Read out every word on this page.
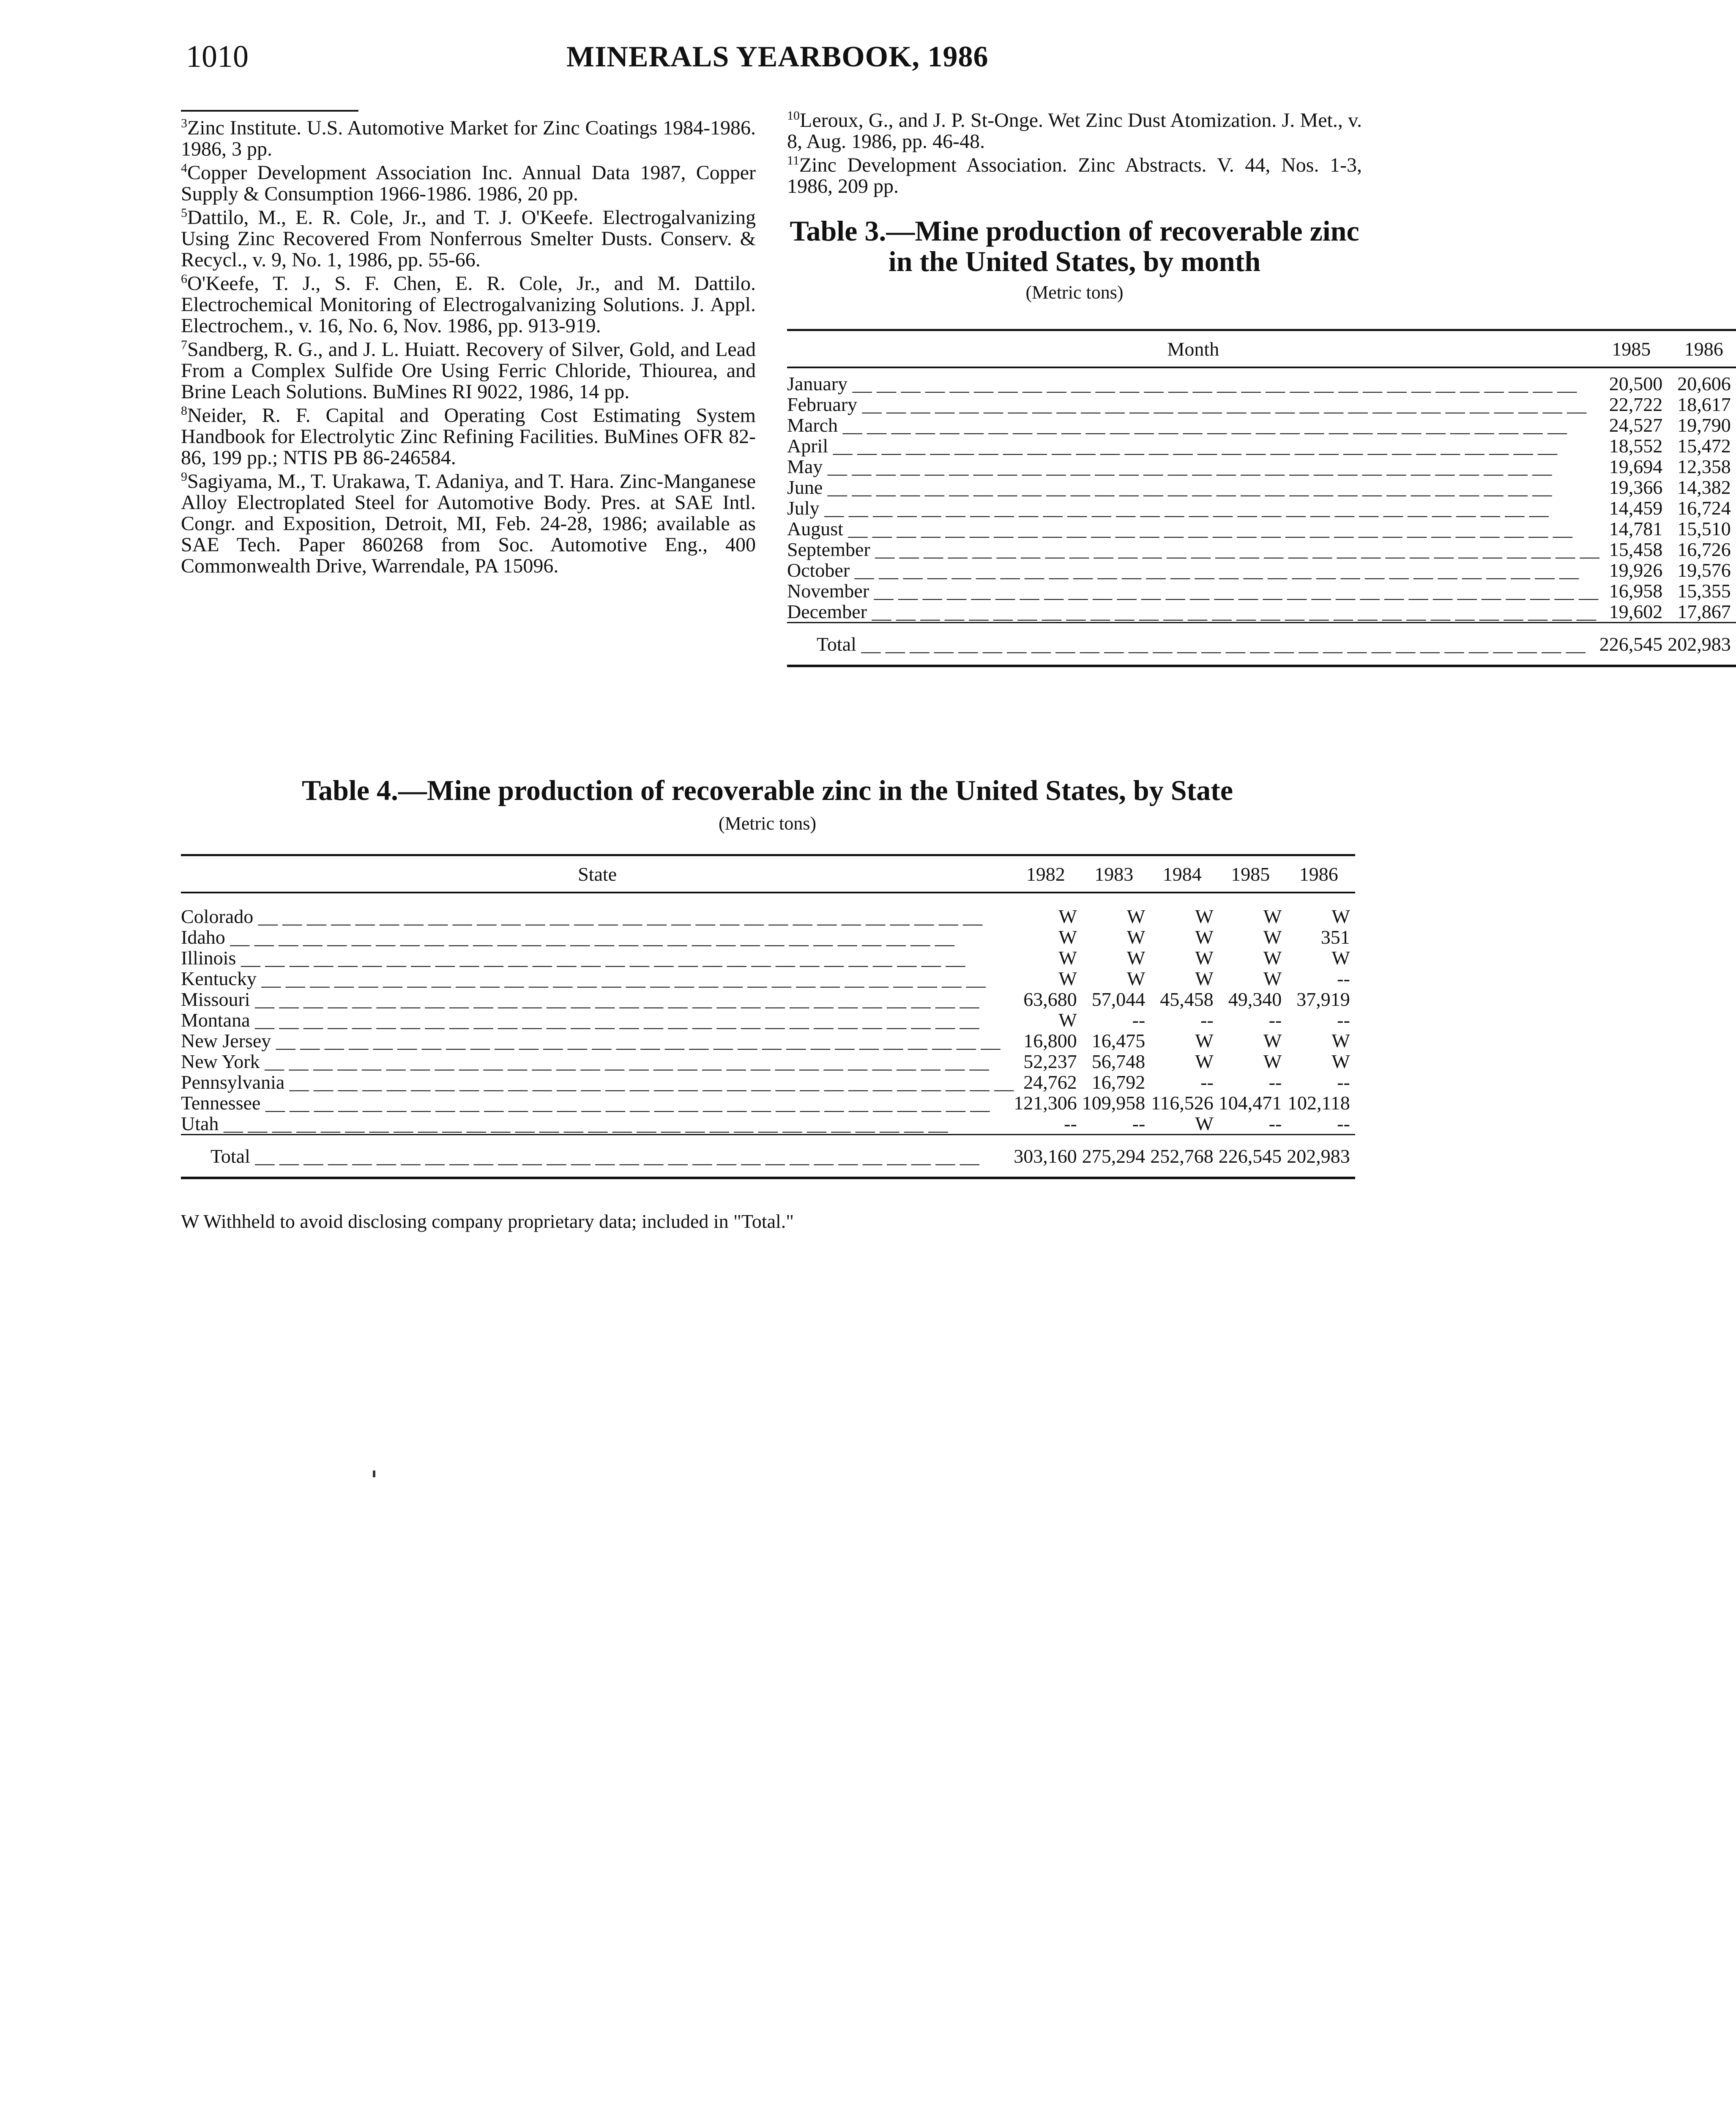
1010	MINERALS YEARBOOK, 1986

$^3$Zinc Institute. U.S. Automotive Market for Zinc Coatings 1984-1986. 1986, 3 pp.

$^4$Copper Development Association Inc. Annual Data 1987, Copper Supply & Consumption 1966-1986. 1986, 20 pp.

$^5$Dattilo, M., E. R. Cole, Jr., and T. J. O'Keefe. Electrogalvanizing Using Zinc Recovered From Nonferrous Smelter Dusts. Conserv. & Recycl., v. 9, No. 1, 1986, pp. 55-66.

$^6$O'Keefe, T. J., S. F. Chen, E. R. Cole, Jr., and M. Dattilo. Electrochemical Monitoring of Electrogalvanizing Solutions. J. Appl. Electrochem., v. 16, No. 6, Nov. 1986, pp. 913-919.

$^7$Sandberg, R. G., and J. L. Huiatt. Recovery of Silver, Gold, and Lead From a Complex Sulfide Ore Using Ferric Chloride, Thiourea, and Brine Leach Solutions. BuMines RI 9022, 1986, 14 pp.

$^8$Neider, R. F. Capital and Operating Cost Estimating System Handbook for Electrolytic Zinc Refining Facilities. BuMines OFR 82-86, 199 pp.; NTIS PB 86-246584.

$^9$Sagiyama, M., T. Urakawa, T. Adaniya, and T. Hara. Zinc-Manganese Alloy Electroplated Steel for Automotive Body. Pres. at SAE Intl. Congr. and Exposition, Detroit, MI, Feb. 24-28, 1986; available as SAE Tech. Paper 860268 from Soc. Automotive Eng., 400 Commonwealth Drive, Warrendale, PA 15096.

$^{10}$Leroux, G., and J. P. St-Onge. Wet Zinc Dust Atomization. J. Met., v. 8, Aug. 1986, pp. 46-48.

$^{11}$Zinc Development Association. Zinc Abstracts. V. 44, Nos. 1-3, 1986, 209 pp.

Table 3.—Mine production of recoverable zinc in the United States, by month
(Metric tons)
Month	1985	1986

January __ __	20,500	20,606

February __ __	22,722	18,617

March __ __	24,527	19,790

April __ __	18,552	15,472

May __ __	19,694	12,358

June __ __	19,366	14,382

July __ __	14,459	16,724

August __ __	14,781	15,510

September __ __	15,458	16,726

October __ __	19,926	19,576

November __ __	16,958	15,355

December __ __	19,602	17,867

Total __ __	226,545	202,983
Table 4.—Mine production of recoverable zinc in the United States, by State
(Metric tons)
State	1982	1983	1984	1985	1986

Colorado __ __	W	W	W	W	W

Idaho __ __	W	W	W	W	351

Illinois __ __	W	W	W	W	W

Kentucky __ __	W	W	W	W	--

Missouri __ __	63,680	57,044	45,458	49,340	37,919

Montana __ __	W	--	--	--	--

New Jersey __ __	16,800	16,475	W	W	W

New York __ __	52,237	56,748	W	W	W

Pennsylvania __ __	24,762	16,792	--	--	--

Tennessee __ __	121,306	109,958	116,526	104,471	102,118

Utah __ __	--	--	W	--	--

Total __ __	303,160	275,294	252,768	226,545	202,983
W Withheld to avoid disclosing company proprietary data; included in "Total."
